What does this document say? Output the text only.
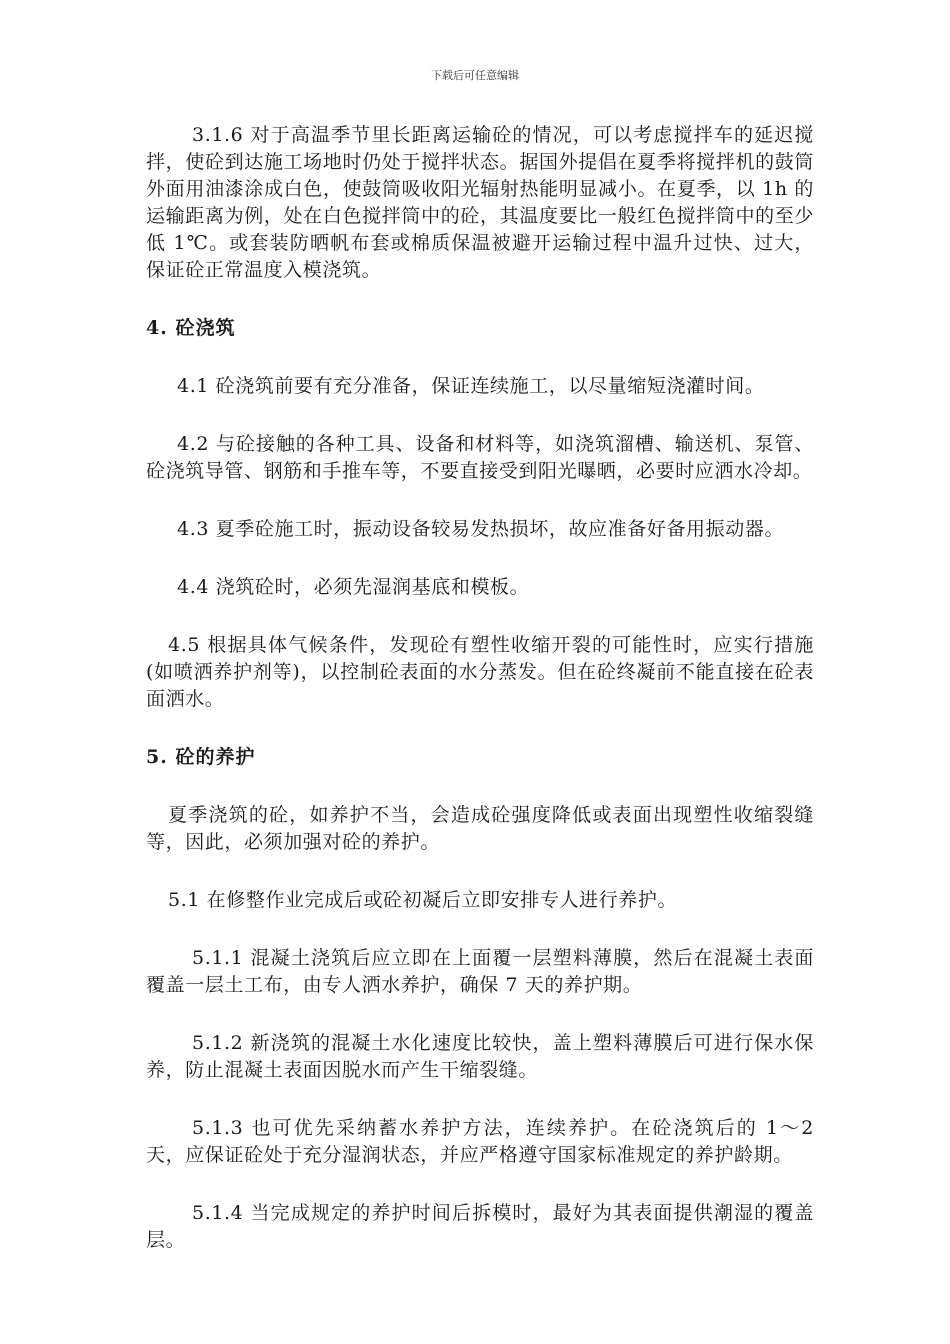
下载后可任意编辑

3.1.6 对于高温季节里长距离运输砼的情况，可以考虑搅拌车的延迟搅拌，使砼到达施工场地时仍处于搅拌状态。据国外提倡在夏季将搅拌机的鼓筒外面用油漆涂成白色，使鼓筒吸收阳光辐射热能明显减小。在夏季，以 1h 的运输距离为例，处在白色搅拌筒中的砼，其温度要比一般红色搅拌筒中的至少低 1℃。或套装防晒帆布套或棉质保温被避开运输过程中温升过快、过大，保证砼正常温度入模浇筑。

4. 砼浇筑

4.1 砼浇筑前要有充分准备，保证连续施工，以尽量缩短浇灌时间。

4.2 与砼接触的各种工具、设备和材料等，如浇筑溜槽、输送机、泵管、砼浇筑导管、钢筋和手推车等，不要直接受到阳光曝晒，必要时应洒水冷却。

4.3 夏季砼施工时，振动设备较易发热损坏，故应准备好备用振动器。

4.4 浇筑砼时，必须先湿润基底和模板。

4.5 根据具体气候条件，发现砼有塑性收缩开裂的可能性时，应实行措施(如喷洒养护剂等)，以控制砼表面的水分蒸发。但在砼终凝前不能直接在砼表面洒水。

5. 砼的养护

夏季浇筑的砼，如养护不当，会造成砼强度降低或表面出现塑性收缩裂缝等，因此，必须加强对砼的养护。

5.1 在修整作业完成后或砼初凝后立即安排专人进行养护。

5.1.1 混凝土浇筑后应立即在上面覆一层塑料薄膜，然后在混凝土表面覆盖一层土工布，由专人洒水养护，确保 7 天的养护期。

5.1.2 新浇筑的混凝土水化速度比较快，盖上塑料薄膜后可进行保水保养，防止混凝土表面因脱水而产生干缩裂缝。

5.1.3 也可优先采纳蓄水养护方法，连续养护。在砼浇筑后的 1～2 天，应保证砼处于充分湿润状态，并应严格遵守国家标准规定的养护龄期。

5.1.4 当完成规定的养护时间后拆模时，最好为其表面提供潮湿的覆盖层。
